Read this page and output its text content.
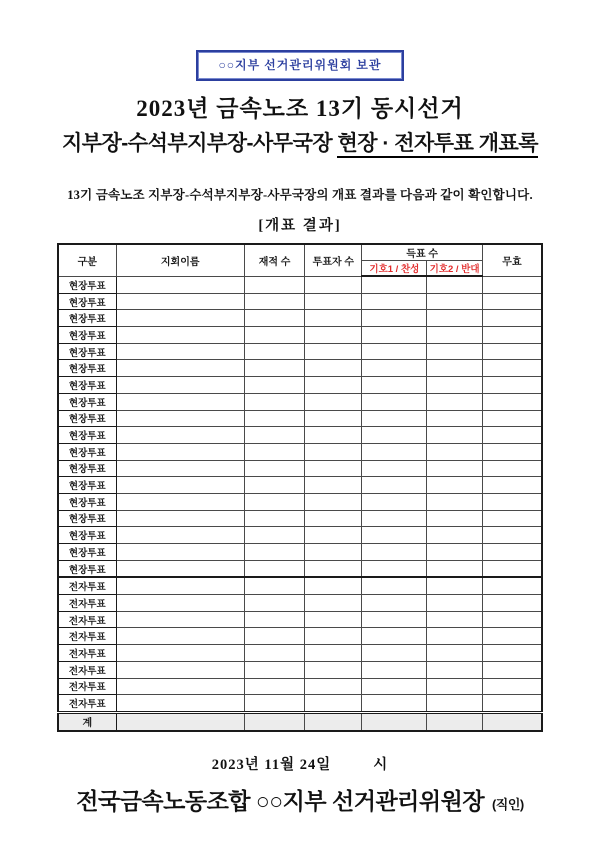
○○지부 선거관리위원회 보관
2023년 금속노조 13기 동시선거
지부장-수석부지부장-사무국장 현장 · 전자투표 개표록
13기 금속노조 지부장-수석부지부장-사무국장의 개표 결과를 다음과 같이 확인합니다.
[개표 결과]
구분	지회이름	재적 수	투표자 수	득표 수		무효
				기호1 / 찬성	기호2 / 반대	
현장투표						
현장투표						
현장투표						
현장투표						
현장투표						
현장투표						
현장투표						
현장투표						
현장투표						
현장투표						
현장투표						
현장투표						
현장투표						
현장투표						
현장투표						
현장투표						
현장투표						
현장투표						
전자투표						
전자투표						
전자투표						
전자투표						
전자투표						
전자투표						
전자투표						
전자투표						
계						
2023년 11월 24일	시
전국금속노동조합 ○○지부 선거관리위원장 (직인)
